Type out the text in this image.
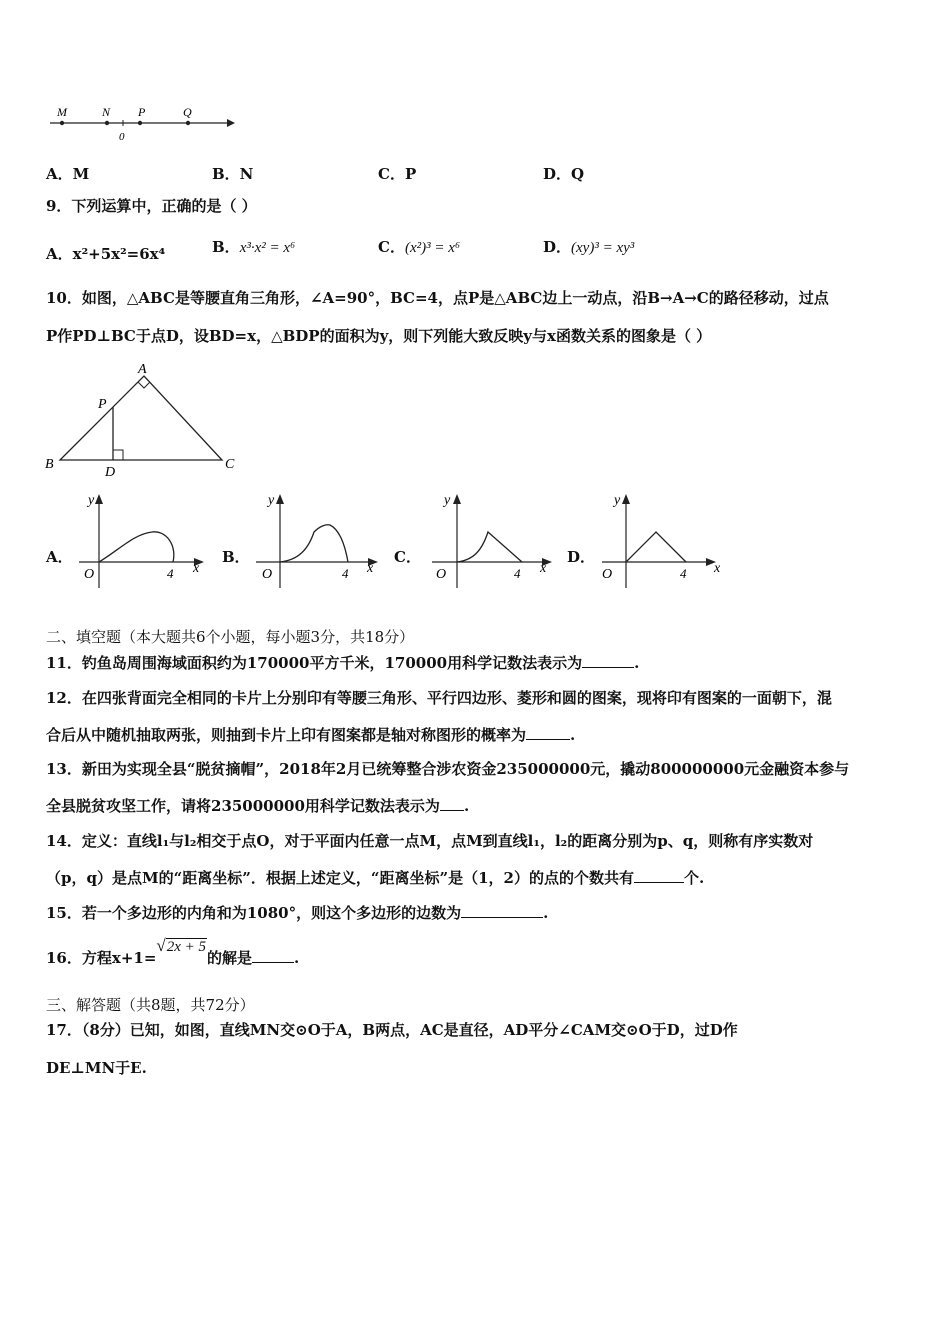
M	N P	Q
0
A．M	B．N	C．P	D．Q
9．下列运算中，正确的是（ ）
A．x²+5x²=6x⁴	B．x³·x² = x⁶	C．(x²)³ = x⁶	D．(xy)³ = xy³
10．如图，△ABC是等腰直角三角形，∠A=90°，BC=4，点P是△ABC边上一动点，沿B→A→C的路径移动，过点
P作PD⊥BC于点D，设BD=x，△BDP的面积为y，则下列能大致反映y与x函数关系的图象是（ ）
A
P
B
D
C
A．	B．	C．	D．
y
O	4 x
y
O	4 x
y
O	4 x
y
O	4 x
二、填空题（本大题共6个小题，每小题3分，共18分）
11．钓鱼岛周围海域面积约为170000平方千米，170000用科学记数法表示为	.
12．在四张背面完全相同的卡片上分别印有等腰三角形、平行四边形、菱形和圆的图案，现将印有图案的一面朝下，混
合后从中随机抽取两张，则抽到卡片上印有图案都是轴对称图形的概率为	.
13．新田为实现全县“脱贫摘帽”，2018年2月已统筹整合涉农资金235000000元，撬动800000000元金融资本参与
全县脱贫攻坚工作，请将235000000用科学记数法表示为 .
14．定义：直线l₁与l₂相交于点O，对于平面内任意一点M，点M到直线l₁，l₂的距离分别为p、q，则称有序实数对
（p，q）是点M的“距离坐标”．根据上述定义，“距离坐标”是（1，2）的点的个数共有	个.
15．若一个多边形的内角和为1080°，则这个多边形的边数为	.
16．方程x+1=√2x + 5的解是	.
三、解答题（共8题，共72分）
17．（8分）已知，如图，直线MN交⊙O于A，B两点，AC是直径，AD平分∠CAM交⊙O于D，过D作
DE⊥MN于E.
